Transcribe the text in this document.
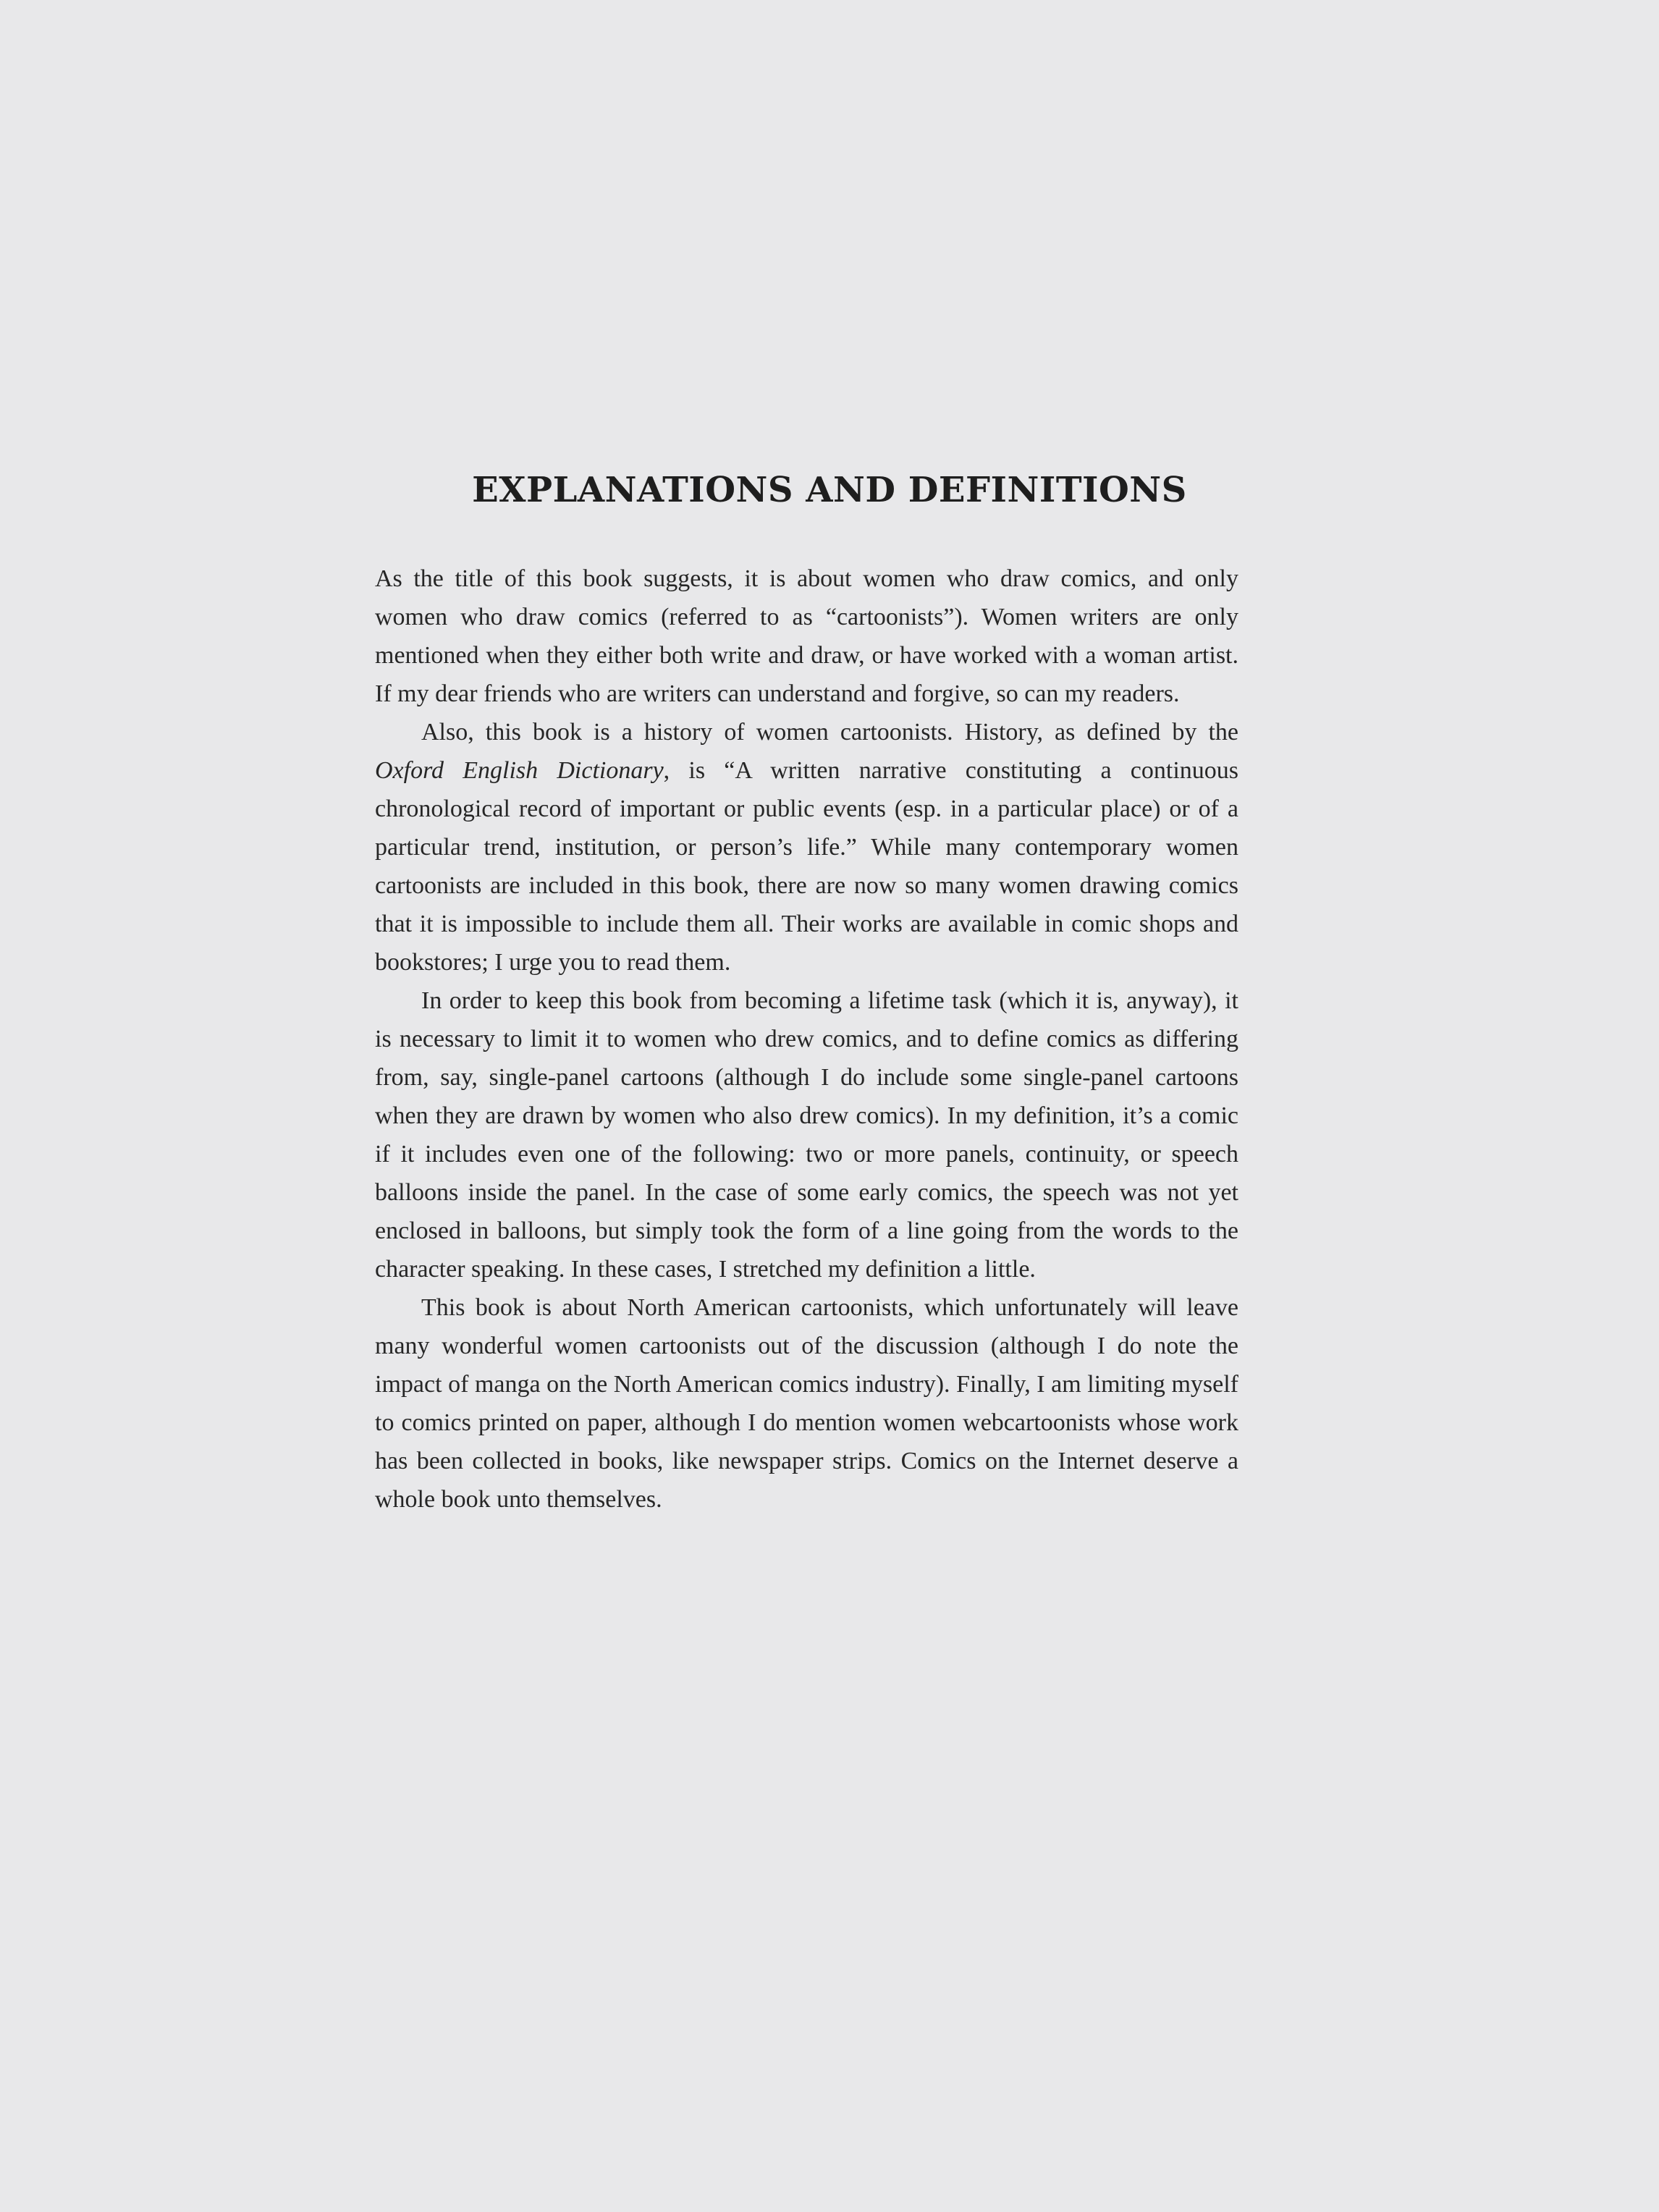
EXPLANATIONS AND DEFINITIONS

As the title of this book suggests, it is about women who draw comics, and only women who draw comics (referred to as “cartoonists”). Women writers are only mentioned when they either both write and draw, or have worked with a woman artist. If my dear friends who are writers can understand and forgive, so can my readers.

Also, this book is a history of women cartoonists. History, as defined by the Oxford English Dictionary, is “A written narrative constituting a continuous chronological record of important or public events (esp. in a particular place) or of a particular trend, institution, or person’s life.” While many contemporary women cartoonists are included in this book, there are now so many women drawing comics that it is impossible to include them all. Their works are available in comic shops and bookstores; I urge you to read them.

In order to keep this book from becoming a lifetime task (which it is, anyway), it is necessary to limit it to women who drew comics, and to define comics as differing from, say, single-panel cartoons (although I do include some single-panel cartoons when they are drawn by women who also drew comics). In my definition, it’s a comic if it includes even one of the following: two or more panels, continuity, or speech balloons inside the panel. In the case of some early comics, the speech was not yet enclosed in balloons, but simply took the form of a line going from the words to the character speaking. In these cases, I stretched my definition a little.

This book is about North American cartoonists, which unfortunately will leave many wonderful women cartoonists out of the discussion (although I do note the impact of manga on the North American comics industry). Finally, I am limiting myself to comics printed on paper, although I do mention women webcartoonists whose work has been collected in books, like newspaper strips. Comics on the Internet deserve a whole book unto themselves.
